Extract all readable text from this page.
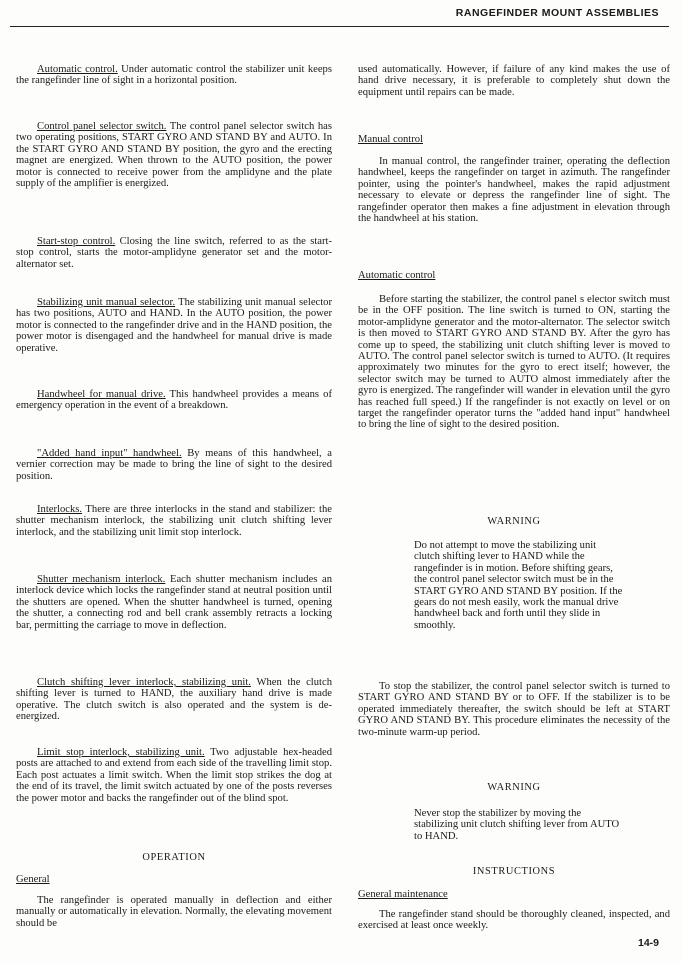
RANGEFINDER MOUNT ASSEMBLIES

Automatic control. Under automatic control the stabilizer unit keeps the rangefinder line of sight in a horizontal position.

Control panel selector switch. The control panel selector switch has two operating positions, START GYRO AND STAND BY and AUTO. In the START GYRO AND STAND BY position, the gyro and the erecting magnet are energized. When thrown to the AUTO position, the power motor is connected to receive power from the amplidyne and the plate supply of the amplifier is energized.

Start-stop control. Closing the line switch, referred to as the start-stop control, starts the motor-amplidyne generator set and the motor-alternator set.

Stabilizing unit manual selector. The stabilizing unit manual selector has two positions, AUTO and HAND. In the AUTO position, the power motor is connected to the rangefinder drive and in the HAND position, the power motor is disengaged and the handwheel for manual drive is made operative.

Handwheel for manual drive. This handwheel provides a means of emergency operation in the event of a breakdown.

"Added hand input" handwheel. By means of this handwheel, a vernier correction may be made to bring the line of sight to the desired position.

Interlocks. There are three interlocks in the stand and stabilizer: the shutter mechanism interlock, the stabilizing unit clutch shifting lever interlock, and the stabilizing unit limit stop interlock.

Shutter mechanism interlock. Each shutter mechanism includes an interlock device which locks the rangefinder stand at neutral position until the shutters are opened. When the shutter handwheel is turned, opening the shutter, a connecting rod and bell crank assembly retracts a locking bar, permitting the carriage to move in deflection.

Clutch shifting lever interlock, stabilizing unit. When the clutch shifting lever is turned to HAND, the auxiliary hand drive is made operative. The clutch switch is also operated and the system is de-energized.

Limit stop interlock, stabilizing unit. Two adjustable hex-headed posts are attached to and extend from each side of the travelling limit stop. Each post actuates a limit switch. When the limit stop strikes the dog at the end of its travel, the limit switch actuated by one of the posts reverses the power motor and backs the rangefinder out of the blind spot.

OPERATION
General

The rangefinder is operated manually in deflection and either manually or automatically in elevation. Normally, the elevating movement should be

used automatically. However, if failure of any kind makes the use of hand drive necessary, it is preferable to completely shut down the equipment until repairs can be made.

Manual control

In manual control, the rangefinder trainer, operating the deflection handwheel, keeps the rangefinder on target in azimuth. The rangefinder pointer, using the pointer's handwheel, makes the rapid adjustment necessary to elevate or depress the rangefinder line of sight. The rangefinder operator then makes a fine adjustment in elevation through the handwheel at his station.

Automatic control

Before starting the stabilizer, the control panel s elector switch must be in the OFF position. The line switch is turned to ON, starting the motor-amplidyne generator and the motor-alternator. The selector switch is then moved to START GYRO AND STAND BY. After the gyro has come up to speed, the stabilizing unit clutch shifting lever is moved to AUTO. The control panel selector switch is turned to AUTO. (It requires approximately two minutes for the gyro to erect itself; however, the selector switch may be turned to AUTO almost immediately after the gyro is energized. The rangefinder will wander in elevation until the gyro has reached full speed.) If the rangefinder is not exactly on level or on target the rangefinder operator turns the "added hand input" handwheel to bring the line of sight to the desired position.

WARNING

Do not attempt to move the stabilizing unit clutch shifting lever to HAND while the rangefinder is in motion. Before shifting gears, the control panel selector switch must be in the START GYRO AND STAND BY position. If the gears do not mesh easily, work the manual drive handwheel back and forth until they slide in smoothly.

To stop the stabilizer, the control panel selector switch is turned to START GYRO AND STAND BY or to OFF. If the stabilizer is to be operated immediately thereafter, the switch should be left at START GYRO AND STAND BY. This procedure eliminates the necessity of the two-minute warm-up period.

WARNING

Never stop the stabilizer by moving the stabilizing unit clutch shifting lever from AUTO to HAND.

INSTRUCTIONS
General maintenance

The rangefinder stand should be thoroughly cleaned, inspected, and exercised at least once weekly.

14-9
